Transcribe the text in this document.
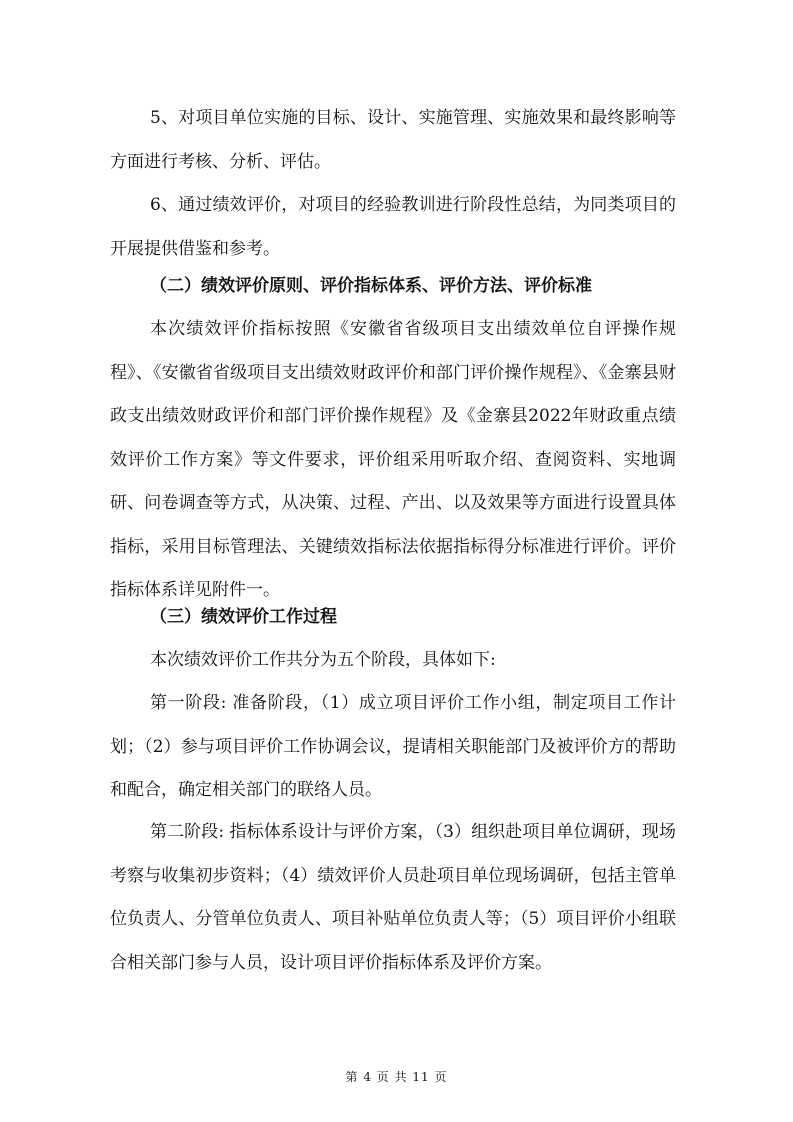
5、对项目单位实施的目标、设计、实施管理、实施效果和最终影响等方面进行考核、分析、评估。

6、通过绩效评价，对项目的经验教训进行阶段性总结，为同类项目的开展提供借鉴和参考。

（二）绩效评价原则、评价指标体系、评价方法、评价标准

本次绩效评价指标按照《安徽省省级项目支出绩效单位自评操作规程》、《安徽省省级项目支出绩效财政评价和部门评价操作规程》、《金寨县财政支出绩效财政评价和部门评价操作规程》及《金寨县2022年财政重点绩效评价工作方案》等文件要求，评价组采用听取介绍、查阅资料、实地调研、问卷调查等方式，从决策、过程、产出、以及效果等方面进行设置具体指标，采用目标管理法、关键绩效指标法依据指标得分标准进行评价。评价指标体系详见附件一。

（三）绩效评价工作过程

本次绩效评价工作共分为五个阶段，具体如下:

第一阶段: 准备阶段，（1）成立项目评价工作小组，制定项目工作计划；（2）参与项目评价工作协调会议，提请相关职能部门及被评价方的帮助和配合，确定相关部门的联络人员。

第二阶段: 指标体系设计与评价方案，（3）组织赴项目单位调研，现场考察与收集初步资料；（4）绩效评价人员赴项目单位现场调研，包括主管单位负责人、分管单位负责人、项目补贴单位负责人等；（5）项目评价小组联合相关部门参与人员，设计项目评价指标体系及评价方案。

第 4 页 共 11 页
